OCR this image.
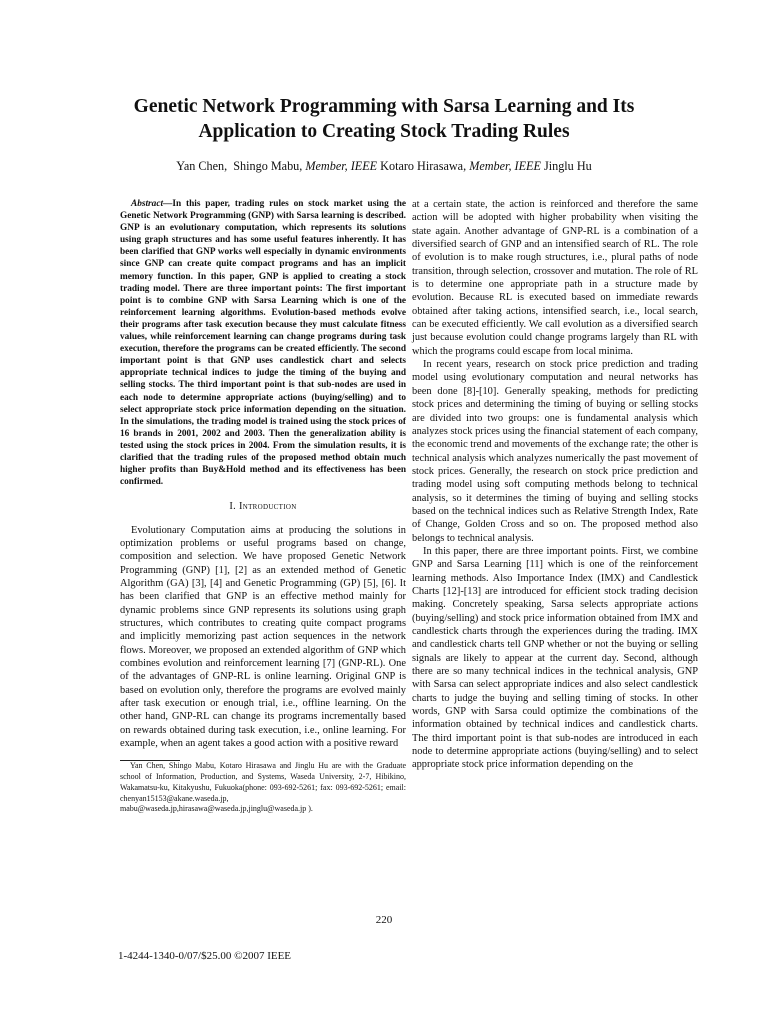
Genetic Network Programming with Sarsa Learning and Its
Application to Creating Stock Trading Rules
Yan Chen, Shingo Mabu, Member, IEEE Kotaro Hirasawa, Member, IEEE Jinglu Hu

Abstract—In this paper, trading rules on stock market using the Genetic Network Programming (GNP) with Sarsa learning is described. GNP is an evolutionary computation, which represents its solutions using graph structures and has some useful features inherently. It has been clarified that GNP works well especially in dynamic environments since GNP can create quite compact programs and has an implicit memory function. In this paper, GNP is applied to creating a stock trading model. There are three important points: The first important point is to combine GNP with Sarsa Learning which is one of the reinforcement learning algorithms. Evolution-based methods evolve their programs after task execution because they must calculate fitness values, while reinforcement learning can change programs during task execution, therefore the programs can be created efficiently. The second important point is that GNP uses candlestick chart and selects appropriate technical indices to judge the timing of the buying and selling stocks. The third important point is that sub-nodes are used in each node to determine appropriate actions (buying/selling) and to select appropriate stock price information depending on the situation. In the simulations, the trading model is trained using the stock prices of 16 brands in 2001, 2002 and 2003. Then the generalization ability is tested using the stock prices in 2004. From the simulation results, it is clarified that the trading rules of the proposed method obtain much higher profits than Buy&Hold method and its effectiveness has been confirmed.

I. Introduction

Evolutionary Computation aims at producing the solutions in optimization problems or useful programs based on change, composition and selection. We have proposed Genetic Network Programming (GNP) [1], [2] as an extended method of Genetic Algorithm (GA) [3], [4] and Genetic Programming (GP) [5], [6]. It has been clarified that GNP is an effective method mainly for dynamic problems since GNP represents its solutions using graph structures, which contributes to creating quite compact programs and implicitly memorizing past action sequences in the network flows. Moreover, we proposed an extended algorithm of GNP which combines evolution and reinforcement learning [7] (GNP-RL). One of the advantages of GNP-RL is online learning. Original GNP is based on evolution only, therefore the programs are evolved mainly after task execution or enough trial, i.e., offline learning. On the other hand, GNP-RL can change its programs incrementally based on rewards obtained during task execution, i.e., online learning. For example, when an agent takes a good action with a positive reward

Yan Chen, Shingo Mabu, Kotaro Hirasawa and Jinglu Hu are with the Graduate school of Information, Production, and Systems, Waseda University, 2-7, Hibikino, Wakamatsu-ku, Kitakyushu, Fukuoka(phone: 093-692-5261; fax: 093-692-5261; email: chenyan15153@akane.waseda.jp, mabu@waseda.jp,hirasawa@waseda.jp,jinglu@waseda.jp ).

at a certain state, the action is reinforced and therefore the same action will be adopted with higher probability when visiting the state again. Another advantage of GNP-RL is a combination of a diversified search of GNP and an intensified search of RL. The role of evolution is to make rough structures, i.e., plural paths of node transition, through selection, crossover and mutation. The role of RL is to determine one appropriate path in a structure made by evolution. Because RL is executed based on immediate rewards obtained after taking actions, intensified search, i.e., local search, can be executed efficiently. We call evolution as a diversified search just because evolution could change programs largely than RL with which the programs could escape from local minima.

In recent years, research on stock price prediction and trading model using evolutionary computation and neural networks has been done [8]-[10]. Generally speaking, methods for predicting stock prices and determining the timing of buying or selling stocks are divided into two groups: one is fundamental analysis which analyzes stock prices using the financial statement of each company, the economic trend and movements of the exchange rate; the other is technical analysis which analyzes numerically the past movement of stock prices. Generally, the research on stock price prediction and trading model using soft computing methods belong to technical analysis, so it determines the timing of buying and selling stocks based on the technical indices such as Relative Strength Index, Rate of Change, Golden Cross and so on. The proposed method also belongs to technical analysis.

In this paper, there are three important points. First, we combine GNP and Sarsa Learning [11] which is one of the reinforcement learning methods. Also Importance Index (IMX) and Candlestick Charts [12]-[13] are introduced for efficient stock trading decision making. Concretely speaking, Sarsa selects appropriate actions (buying/selling) and stock price information obtained from IMX and candlestick charts through the experiences during the trading. IMX and candlestick charts tell GNP whether or not the buying or selling signals are likely to appear at the current day. Second, although there are so many technical indices in the technical analysis, GNP with Sarsa can select appropriate indices and also select candlestick charts to judge the buying and selling timing of stocks. In other words, GNP with Sarsa could optimize the combinations of the information obtained by technical indices and candlestick charts. The third important point is that sub-nodes are introduced in each node to determine appropriate actions (buying/selling) and to select appropriate stock price information depending on the

220
1-4244-1340-0/07/$25.00 ©2007 IEEE
